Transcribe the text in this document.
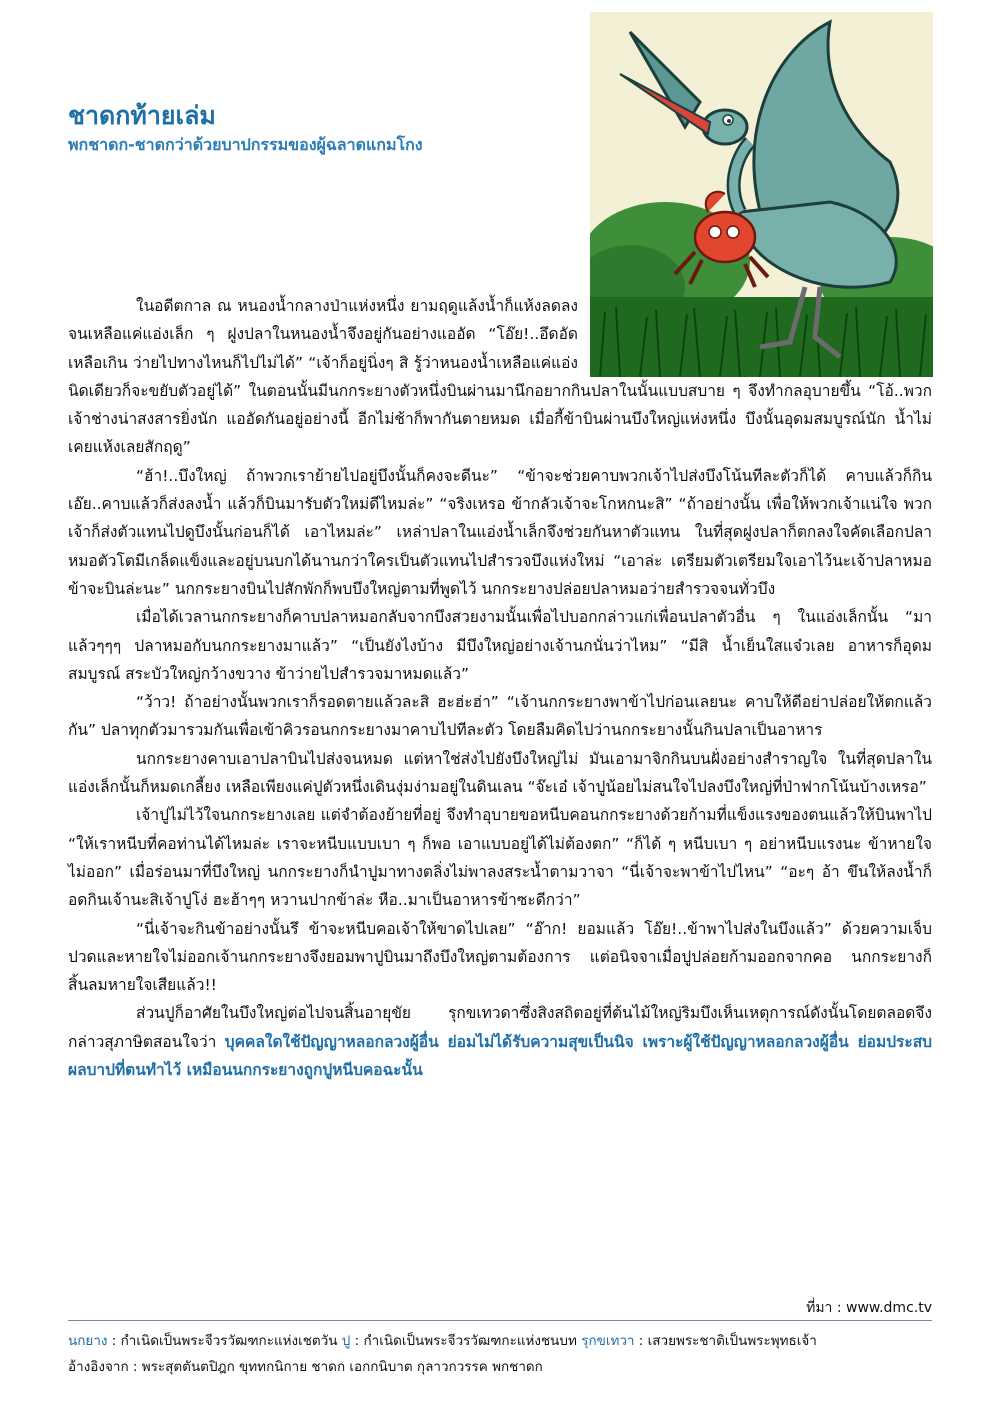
ชาดกท้ายเล่ม
พกชาดก-ชาดกว่าด้วยบาปกรรมของผู้ฉลาดแกมโกง

ในอดีตกาล ณ หนองน้ำกลางป่าแห่งหนึ่ง ยามฤดูแล้งน้ำก็แห้งลดลงจนเหลือแค่แอ่งเล็ก ๆ ฝูงปลาในหนองน้ำจึงอยู่กันอย่างแออัด “โอ๊ย!..อึดอัดเหลือเกิน ว่ายไปทางไหนก็ไปไม่ได้” “เจ้าก็อยู่นิ่งๆ สิ รู้ว่าหนองน้ำเหลือแค่แอ่งนิดเดียวก็จะขยับตัวอยู่ได้” ในตอนนั้นมีนกกระยางตัวหนึ่งบินผ่านมานึกอยากกินปลาในนั้นแบบสบาย ๆ จึงทำกลอุบายขึ้น “โอ้..พวกเจ้าช่างน่าสงสารยิ่งนัก แออัดกันอยู่อย่างนี้ อีกไม่ช้าก็พากันตายหมด เมื่อกี้ข้าบินผ่านบึงใหญ่แห่งหนึ่ง บึงนั้นอุดมสมบูรณ์นัก น้ำไม่เคยแห้งเลยสักฤดู”

“ฮ้า!..บึงใหญ่ ถ้าพวกเราย้ายไปอยู่บึงนั้นก็คงจะดีนะ” “ข้าจะช่วยคาบพวกเจ้าไปส่งบึงโน้นทีละตัวก็ได้ คาบแล้วก็กิน เอ๊ย..คาบแล้วก็ส่งลงน้ำ แล้วก็บินมารับตัวใหม่ดีไหมล่ะ” “จริงเหรอ ข้ากลัวเจ้าจะโกหกนะสิ” “ถ้าอย่างนั้น เพื่อให้พวกเจ้าแน่ใจ พวกเจ้าก็ส่งตัวแทนไปดูบึงนั้นก่อนก็ได้ เอาไหมล่ะ” เหล่าปลาในแอ่งน้ำเล็กจึงช่วยกันหาตัวแทน ในที่สุดฝูงปลาก็ตกลงใจคัดเลือกปลาหมอตัวโตมีเกล็ดแข็งและอยู่บนบกได้นานกว่าใครเป็นตัวแทนไปสำรวจบึงแห่งใหม่ “เอาล่ะ เตรียมตัวเตรียมใจเอาไว้นะเจ้าปลาหมอ ข้าจะบินล่ะนะ” นกกระยางบินไปสักพักก็พบบึงใหญ่ตามที่พูดไว้ นกกระยางปล่อยปลาหมอว่ายสำรวจจนทั่วบึง

เมื่อได้เวลานกกระยางก็คาบปลาหมอกลับจากบึงสวยงามนั้นเพื่อไปบอกกล่าวแก่เพื่อนปลาตัวอื่น ๆ ในแอ่งเล็กนั้น “มาแล้วๆๆๆ ปลาหมอกับนกกระยางมาแล้ว” “เป็นยังไงบ้าง มีบึงใหญ่อย่างเจ้านกนั่นว่าไหม” “มีสิ น้ำเย็นใสแจ๋วเลย อาหารก็อุดมสมบูรณ์ สระบัวใหญ่กว้างขวาง ข้าว่ายไปสำรวจมาหมดแล้ว”

“ว้าว! ถ้าอย่างนั้นพวกเราก็รอดตายแล้วละสิ ฮะฮ่ะฮ่า” “เจ้านกกระยางพาข้าไปก่อนเลยนะ คาบให้ดีอย่าปล่อยให้ตกแล้วกัน” ปลาทุกตัวมารวมกันเพื่อเข้าคิวรอนกกระยางมาคาบไปทีละตัว โดยลืมคิดไปว่านกกระยางนั้นกินปลาเป็นอาหาร

นกกระยางคาบเอาปลาบินไปส่งจนหมด แต่หาใช่ส่งไปยังบึงใหญ่ไม่ มันเอามาจิกกินบนฝั่งอย่างสำราญใจ ในที่สุดปลาในแอ่งเล็กนั้นก็หมดเกลี้ยง เหลือเพียงแค่ปูตัวหนึ่งเดินงุ่มง่ามอยู่ในดินเลน “จ๊ะเอ๋ เจ้าปูน้อยไม่สนใจไปลงบึงใหญ่ที่ป่าฟากโน้นบ้างเหรอ”

เจ้าปูไม่ไว้ใจนกกระยางเลย แต่จำต้องย้ายที่อยู่ จึงทำอุบายขอหนีบคอนกกระยางด้วยก้ามที่แข็งแรงของตนแล้วให้บินพาไป “ให้เราหนีบที่คอท่านได้ไหมล่ะ เราจะหนีบแบบเบา ๆ ก็พอ เอาแบบอยู่ได้ไม่ต้องตก” “ก็ได้ ๆ หนีบเบา ๆ อย่าหนีบแรงนะ ข้าหายใจไม่ออก” เมื่อร่อนมาที่บึงใหญ่ นกกระยางก็นำปูมาทางตลิ่งไม่พาลงสระน้ำตามวาจา “นี่เจ้าจะพาข้าไปไหน” “อะๆ อ้า ขึนให้ลงน้ำก็อดกินเจ้านะสิเจ้าปูโง่ ฮะฮ้าๆๆ หวานปากข้าล่ะ หือ..มาเป็นอาหารข้าซะดีกว่า”

“นี่เจ้าจะกินข้าอย่างนั้นรึ ข้าจะหนีบคอเจ้าให้ขาดไปเลย” “อ๊าก! ยอมแล้ว โอ๊ย!..ข้าพาไปส่งในบึงแล้ว” ด้วยความเจ็บปวดและหายใจไม่ออกเจ้านกกระยางจึงยอมพาปูบินมาถึงบึงใหญ่ตามต้องการ แต่อนิจจาเมื่อปูปล่อยก้ามออกจากคอ นกกระยางก็สิ้นลมหายใจเสียแล้ว!!

ส่วนปูก็อาศัยในบึงใหญ่ต่อไปจนสิ้นอายุขัย รุกขเทวดาซึ่งสิงสถิตอยู่ที่ต้นไม้ใหญ่ริมบึงเห็นเหตุการณ์ดังนั้นโดยตลอดจึงกล่าวสุภาษิตสอนใจว่า บุคคลใดใช้ปัญญาหลอกลวงผู้อื่น ย่อมไม่ได้รับความสุขเป็นนิจ เพราะผู้ใช้ปัญญาหลอกลวงผู้อื่น ย่อมประสบผลบาปที่ตนทำไว้ เหมือนนกกระยางถูกปูหนีบคอฉะนั้น

ที่มา : www.dmc.tv
นกยาง : กำเนิดเป็นพระจีวรวัฒฑกะแห่งเชตวัน ปู : กำเนิดเป็นพระจีวรวัฒฑกะแห่งชนบท รุกขเทวา : เสวยพระชาติเป็นพระพุทธเจ้า
อ้างอิงจาก : พระสุตตันตปิฎก ขุททกนิกาย ชาดก เอกกนิบาต กุลาวกวรรค พกชาดก
